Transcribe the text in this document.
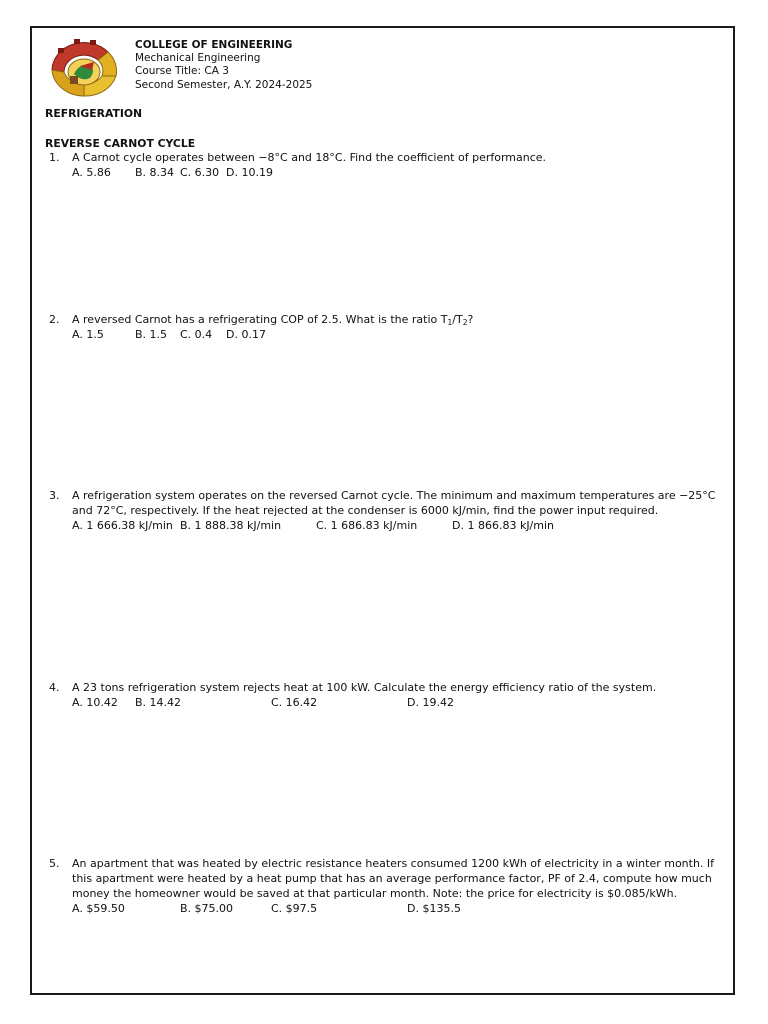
COLLEGE OF ENGINEERING
Mechanical Engineering
Course Title: CA 3
Second Semester, A.Y. 2024-2025
REFRIGERATION
REVERSE CARNOT CYCLE
1. A Carnot cycle operates between −8°C and 18°C. Find the coefficient of performance.
A. 5.86 B. 8.34 C. 6.30 D. 10.19
2. A reversed Carnot has a refrigerating COP of 2.5. What is the ratio $T_1/T_2$?
A. 1.5	B. 1.5 C. 0.4 D. 0.17
3. A refrigeration system operates on the reversed Carnot cycle. The minimum and maximum temperatures are −25°C and 72°C, respectively. If the heat rejected at the condenser is 6000 kJ/min, find the power input required.
A. 1 666.38 kJ/min B. 1 888.38 kJ/min	C. 1 686.83 kJ/min	D. 1 866.83 kJ/min
4. A 23 tons refrigeration system rejects heat at 100 kW. Calculate the energy efficiency ratio of the system.
A. 10.42 B. 14.42	C. 16.42	D. 19.42
5. An apartment that was heated by electric resistance heaters consumed 1200 kWh of electricity in a winter month. If this apartment were heated by a heat pump that has an average performance factor, PF of 2.4, compute how much money the homeowner would be saved at that particular month. Note: the price for electricity is $0.085/kWh.
A. $59.50	B. $75.00	C. $97.5	D. $135.5
